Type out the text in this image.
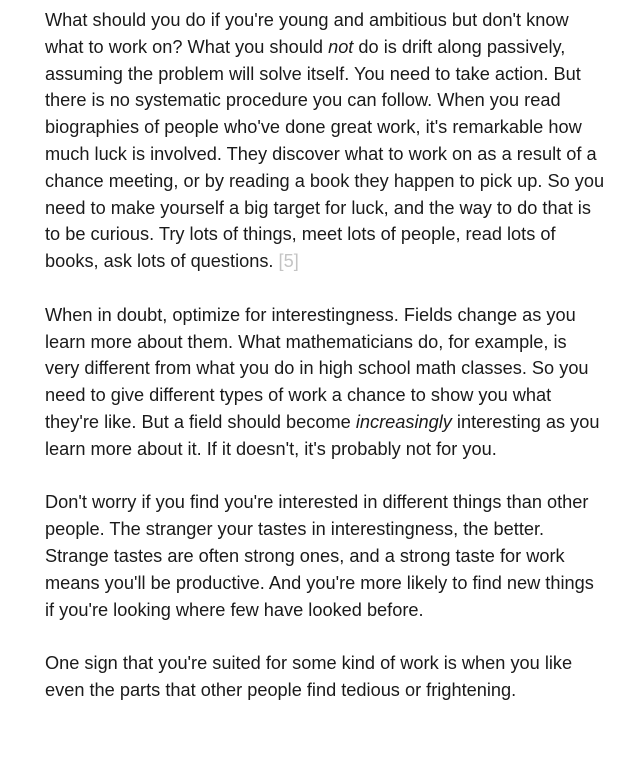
What should you do if you're young and ambitious but don't know what to work on? What you should not do is drift along passively, assuming the problem will solve itself. You need to take action. But there is no systematic procedure you can follow. When you read biographies of people who've done great work, it's remarkable how much luck is involved. They discover what to work on as a result of a chance meeting, or by reading a book they happen to pick up. So you need to make yourself a big target for luck, and the way to do that is to be curious. Try lots of things, meet lots of people, read lots of books, ask lots of questions. [5]

When in doubt, optimize for interestingness. Fields change as you learn more about them. What mathematicians do, for example, is very different from what you do in high school math classes. So you need to give different types of work a chance to show you what they're like. But a field should become increasingly interesting as you learn more about it. If it doesn't, it's probably not for you.

Don't worry if you find you're interested in different things than other people. The stranger your tastes in interestingness, the better. Strange tastes are often strong ones, and a strong taste for work means you'll be productive. And you're more likely to find new things if you're looking where few have looked before.

One sign that you're suited for some kind of work is when you like even the parts that other people find tedious or frightening.
